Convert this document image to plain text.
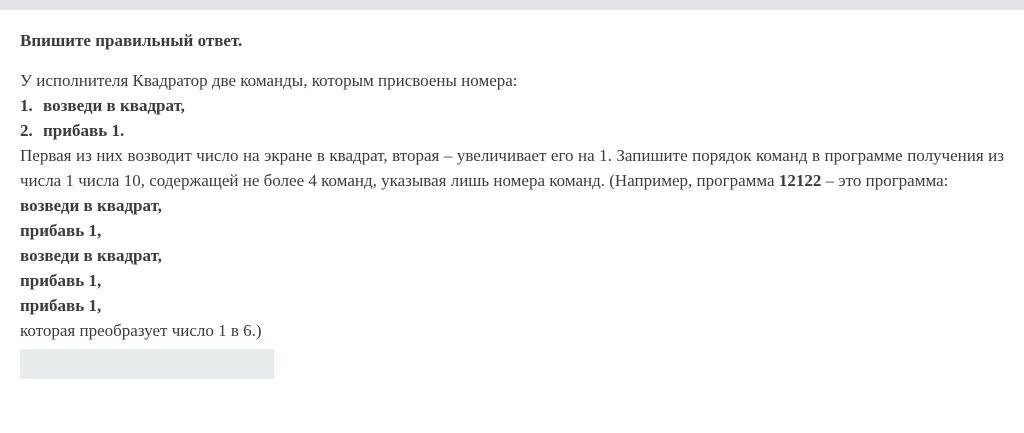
Впишите правильный ответ.

У исполнителя Квадратор две команды, которым присвоены номера:

1. возведи в квадрат,

2. прибавь 1.

Первая из них возводит число на экране в квадрат, вторая – увеличивает его на 1. Запишите порядок команд в программе получения из числа 1 числа 10, содержащей не более 4 команд, указывая лишь номера команд. (Например, программа 12122 – это программа:

возведи в квадрат,

прибавь 1,

возведи в квадрат,

прибавь 1,

прибавь 1,

которая преобразует число 1 в 6.)
